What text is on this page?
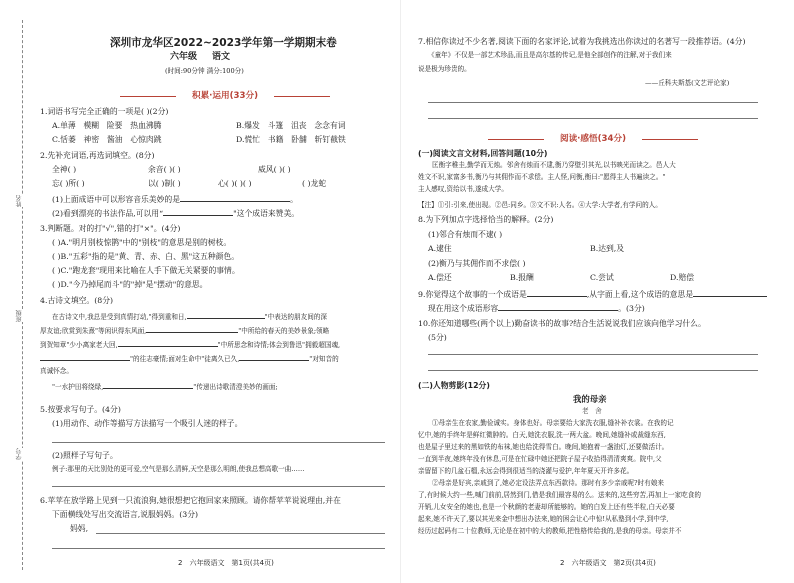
班级
姓名
学号
深圳市龙华区2022~2023学年第一学期期末卷
六年级 语文
(时间:90分钟 满分:100分)
积累·运用(33分)
1.词语书写完全正确的一项是( )(2分)
A.单薄　模糊　险要　热血沸腾	B.爆发　斗篷　沮丧　念念有词
C.恬萎　神密　酱油　心惊肉跳	D.慌忙　书籍　卧舖　斩钉截铁
2.先补充词语,再选词填空。(8分)
全神( )	余音( )( )	威风( )( )
忘( )所( )	以( )制( )	心( )( )( )	( )龙蛇
(1)上面成语中可以形容音乐美妙的是	。
(2)看到漂亮的书法作品,可以用“	"这个成语来赞美。
3.判断题。对的打"√",错的打"×"。(4分)
( )A."明月别枝惊鹊"中的"别枝"的意思是别的树枝。
( )B."五彩"指的是"黄、青、赤、白、黑"这五种颜色。
( )C."跑龙套"现用来比喻在人手下做无关紧要的事情。
( )D."今乃掉尾而斗"的"掉"是"摆动"的意思。
4.古诗文填空。(8分)
在古诗文中,我总是受到真情打动,"得到重和日,	"中表达的朋友间的深
厚友谊;欣赏到朱熹"等闲识得东风面,	"中所给的春天的美妙景象;领略
到贺知章"少小离家老大回,	"中所思念和诗情;体会到鲁迅"拥毅超国魂,
"的往志豪情;面对生命中"徒离久已久,	"对知音的
真诚怀念。
"一水护田将绕绿,	"传递出诗歌清澄美妙的画面;
5.按要求写句子。(4分)
(1)用动作、动作等描写方法描写一个吸引人迷的样子。
(2)照样子写句子。
例子:那里的天比别处的更可爱,空气是那么清鲜,天空是那么明朗,使我总想高歌一曲……
6.苹苹在放学路上见到一只流浪狗,她很想把它抱回家来照顾。请你帮苹苹说说理由,并在
下面横线处写出交流语言,说服妈妈。(3分)
妈妈,
2　六年级语文　第1页(共4页)
7.相信你读过不少名著,阅读下面的名家评论,试着为我挑选出你读过的名著写一段推荐语。(4分)
《童年》不仅是一部艺术珍品,而且是高尔基的传记,是他全部创作的注解,对于我们来
说是极为珍贵的。
——丘科夫斯基(文艺评论家)
阅读·感悟(34分)
(一)阅读文言文材料,回答问题(10分)
匡衡字稚圭,勤学而无烛。邻舍有烛而不逮,衡乃穿壁引其光,以书映光而读之。邑人大
姓文不识,家富多书,衡乃与其佣作而不求偿。主人怪,问衡,衡曰:"愿得主人书遍读之。"
主人感叹,资给以书,遂成大学。
【注】①引:引来,使出现。②邑:同乡。③文不识:人名。④大学:大学者,有学问的人。
8.为下列加点字选择恰当的解释。(2分)
(1)邻合有烛而不逮( )
A.逮住	B.达到,及
(2)衡乃与其佣作而不求偿( )
A.偿还	B.报酬	C.尝试	D.赔偿
9.你觉得这个故事的一个成语是	,从字面上看,这个成语的意思是
现在用这个成语形容	。(3分)
10.你还知道哪些(两个以上)勤奋读书的故事?结合生活说说我们应该向他学习什么。
(5分)
(二)人物剪影(12分)
我的母亲
老　舍
①母亲生在农家,勤俭诚实。身体也好。母亲要给大家洗衣服,缝补补衣裳。在我的记
忆中,她的手终年是鲜红微肿的。白天,她洗衣服,洗一两大盆。晚间,她缝补或裁缝东西,
也是屋子里过来的黑如铁的布袜,她也给洗得雪白。晚间,她抱着一盏油灯,还要做活计。
一直到半夜,她终年没有休息,可是在忙碌中她还把院子屋子收拾得清清爽爽。院中,父
亲留留下的几盆石榴,永远会得到很适当的浇灌与爱护,年年夏天开许多花。
②母亲是好宾,亲戚到了,她必定设法弄点东西款待。那时有多少亲戚呢?时有娘来
了,有时候大约一些,喊门前前,居然到门,借是我们最容易的么。送来的,这些穷苦,再加上一家吃食的
开销,儿女安全的她也,也是一个秋颜的老妻却所能够的。她的白发上还有些半粒,白天必要
起来,她不许天了,要以其光来金中想出办法来,她的困会让心中惊!从私塾到小学,到中学,
经历过起码有二十位教师,无论是在初中的大的教师,把性格传给我的,是我的母亲。母亲并不
2　六年级语文　第2页(共4页)
